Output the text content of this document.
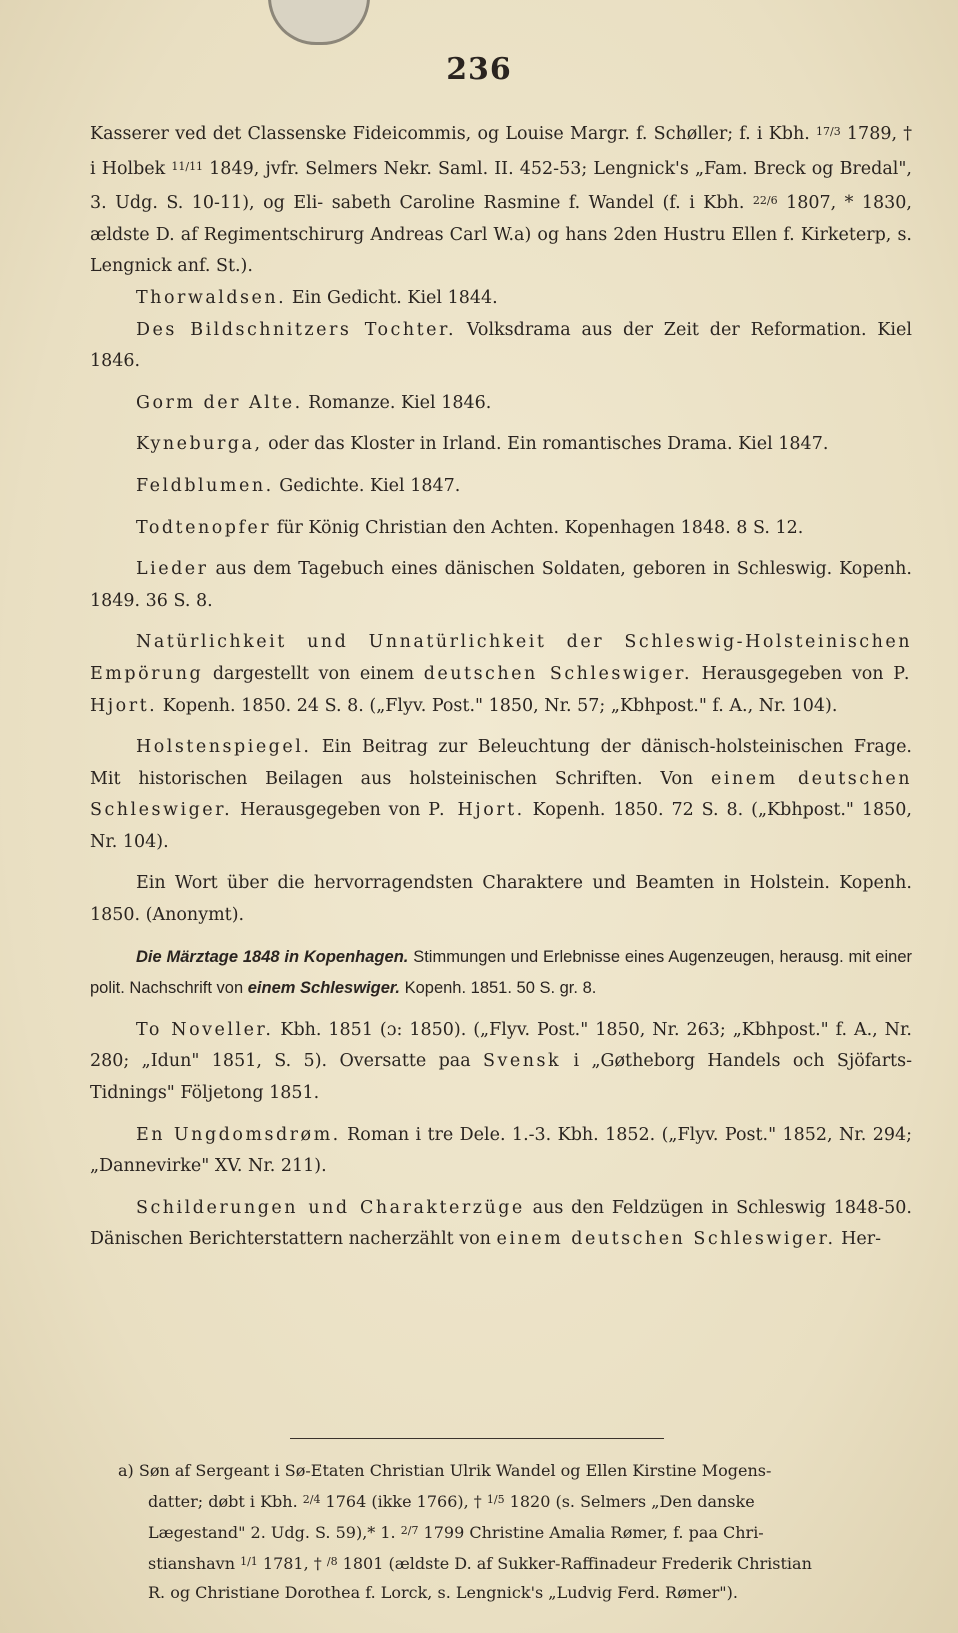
236

Kasserer ved det Classenske Fideicommis, og Louise Margr. f. Schøller; f. i Kbh. $^{17/3}$ 1789, † i Holbek $^{11/11}$ 1849, jvfr. Selmers Nekr. Saml. II. 452-53; Lengnick's „Fam. Breck og Bredal", 3. Udg. S. 10-11), og Eli- sabeth Caroline Rasmine f. Wandel (f. i Kbh. $^{22/6}$ 1807, * 1830, ældste D. af Regimentschirurg Andreas Carl W.a) og hans 2den Hustru Ellen f. Kirketerp, s. Lengnick anf. St.).

Thorwaldsen. Ein Gedicht. Kiel 1844.

Des Bildschnitzers Tochter. Volksdrama aus der Zeit der Reformation. Kiel 1846.

Gorm der Alte. Romanze. Kiel 1846.

Kyneburga, oder das Kloster in Irland. Ein romantisches Drama. Kiel 1847.

Feldblumen. Gedichte. Kiel 1847.

Todtenopfer für König Christian den Achten. Kopenhagen 1848. 8 S. 12.

Lieder aus dem Tagebuch eines dänischen Soldaten, geboren in Schleswig. Kopenh. 1849. 36 S. 8.

Natürlichkeit und Unnatürlichkeit der Schleswig-Holsteinischen Empörung dargestellt von einem deutschen Schleswiger. Herausgegeben von P. Hjort. Kopenh. 1850. 24 S. 8. („Flyv. Post." 1850, Nr. 57; „Kbhpost." f. A., Nr. 104).

Holstenspiegel. Ein Beitrag zur Beleuchtung der dänisch-holsteinischen Frage. Mit historischen Beilagen aus holsteinischen Schriften. Von einem deutschen Schleswiger. Herausgegeben von P. Hjort. Kopenh. 1850. 72 S. 8. („Kbhpost." 1850, Nr. 104).

Ein Wort über die hervorragendsten Charaktere und Beamten in Holstein. Kopenh. 1850. (Anonymt).

Die Märztage 1848 in Kopenhagen. Stimmungen und Erlebnisse eines Augenzeugen, herausg. mit einer polit. Nachschrift von einem Schleswiger. Kopenh. 1851. 50 S. gr. 8.

To Noveller. Kbh. 1851 (ɔ: 1850). („Flyv. Post." 1850, Nr. 263; „Kbhpost." f. A., Nr. 280; „Idun" 1851, S. 5). Oversatte paa Svensk i „Gøtheborg Handels och Sjöfarts-Tidnings" Följetong 1851.

En Ungdomsdrøm. Roman i tre Dele. 1.-3. Kbh. 1852. („Flyv. Post." 1852, Nr. 294; „Dannevirke" XV. Nr. 211).

Schilderungen und Charakterzüge aus den Feldzügen in Schleswig 1848-50. Dänischen Berichterstattern nacherzählt von einem deutschen Schleswiger. Her-

a) Søn af Sergeant i Sø-Etaten Christian Ulrik Wandel og Ellen Kirstine Mogens-

datter; døbt i Kbh. $^{2/4}$ 1764 (ikke 1766), † $^{1/5}$ 1820 (s. Selmers „Den danske

Lægestand" 2. Udg. S. 59),* 1. $^{2/7}$ 1799 Christine Amalia Rømer, f. paa Chri-

stianshavn $^{1/1}$ 1781, † $^{/8}$ 1801 (ældste D. af Sukker-Raffinadeur Frederik Christian

R. og Christiane Dorothea f. Lorck, s. Lengnick's „Ludvig Ferd. Rømer").
